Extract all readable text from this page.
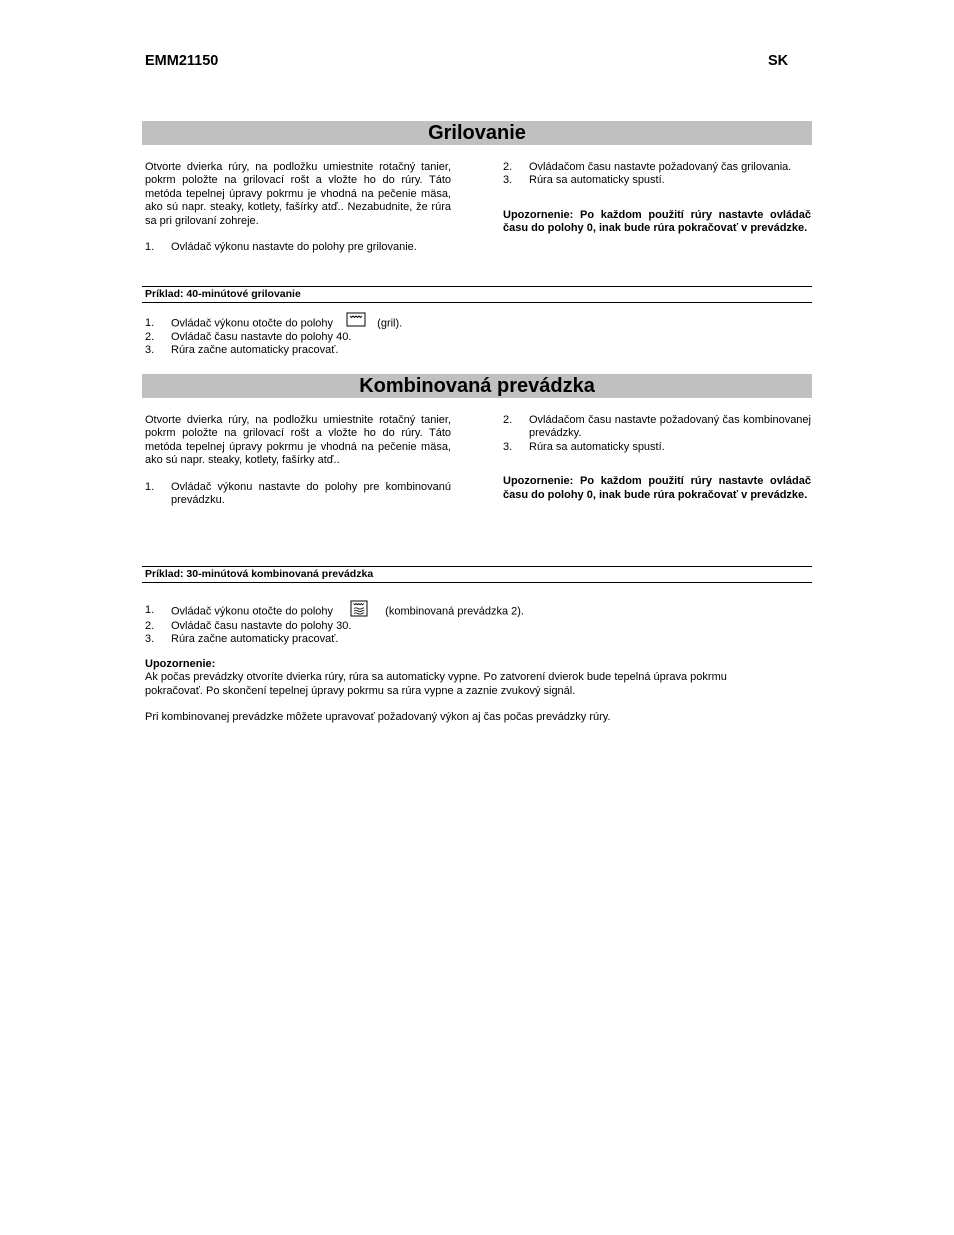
EMM21150	SK
Grilovanie
Otvorte dvierka rúry, na podložku umiestnite rotačný tanier, pokrm položte na grilovací rošt a vložte ho do rúry. Táto metóda tepelnej úpravy pokrmu je vhodná na pečenie mäsa, ako sú napr. steaky, kotlety, fašírky atď.. Nezabudnite, že rúra sa pri grilovaní zohreje.
1. Ovládač výkonu nastavte do polohy pre grilovanie.
2. Ovládačom času nastavte požadovaný čas grilovania.
3. Rúra sa automaticky spustí.
Upozornenie: Po každom použití rúry nastavte ovládač času do polohy 0, inak bude rúra pokračovať v prevádzke.
Príklad: 40-minútové grilovanie
1. Ovládač výkonu otočte do polohy	(gril).
2. Ovládač času nastavte do polohy 40.
3. Rúra začne automaticky pracovať.
Kombinovaná prevádzka
Otvorte dvierka rúry, na podložku umiestnite rotačný tanier, pokrm položte na grilovací rošt a vložte ho do rúry. Táto metóda tepelnej úpravy pokrmu je vhodná na pečenie mäsa, ako sú napr. steaky, kotlety, fašírky atď..
1. Ovládač výkonu nastavte do polohy pre kombinovanú prevádzku.
2. Ovládačom času nastavte požadovaný čas kombinovanej prevádzky.
3. Rúra sa automaticky spustí.
Upozornenie: Po každom použití rúry nastavte ovládač času do polohy 0, inak bude rúra pokračovať v prevádzke.
Príklad: 30-minútová kombinovaná prevádzka
1. Ovládač výkonu otočte do polohy	(kombinovaná prevádzka 2).
2. Ovládač času nastavte do polohy 30.
3. Rúra začne automaticky pracovať.
Upozornenie:
Ak počas prevádzky otvoríte dvierka rúry, rúra sa automaticky vypne. Po zatvorení dvierok bude tepelná úprava pokrmu pokračovať. Po skončení tepelnej úpravy pokrmu sa rúra vypne a zaznie zvukový signál.
Pri kombinovanej prevádzke môžete upravovať požadovaný výkon aj čas počas prevádzky rúry.
